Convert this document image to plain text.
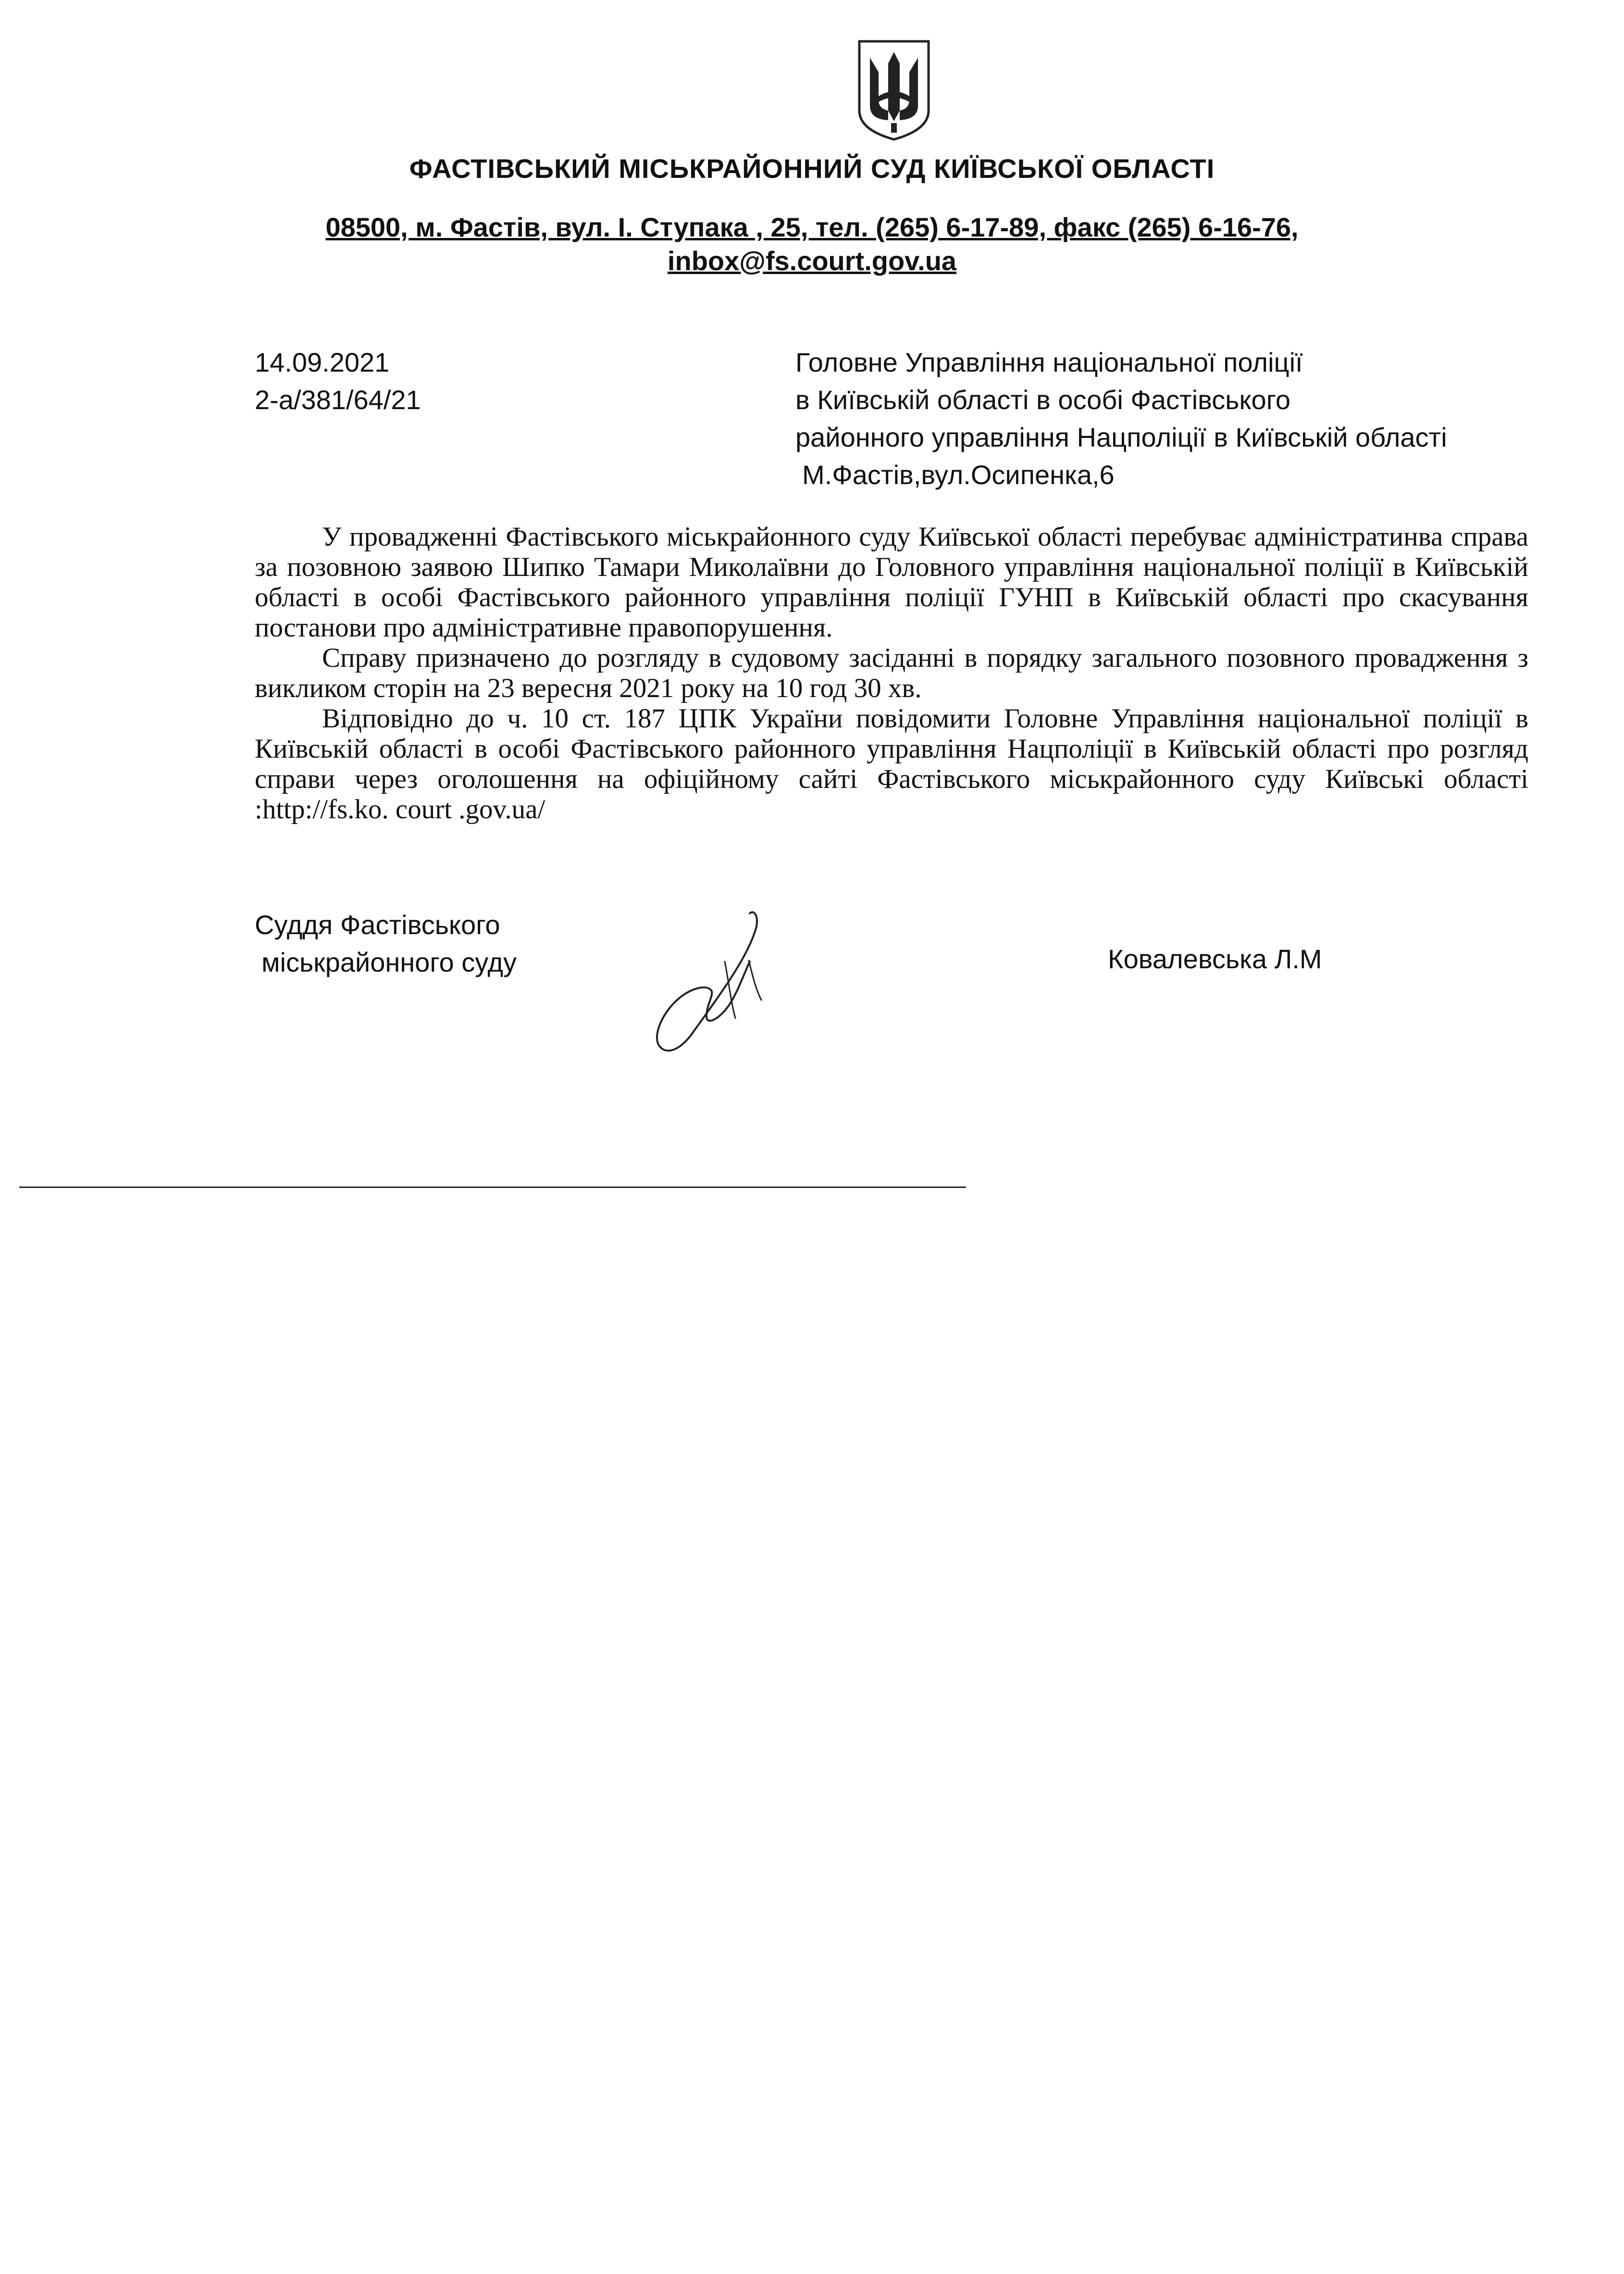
ФАСТІВСЬКИЙ МІСЬКРАЙОННИЙ СУД КИЇВСЬКОЇ ОБЛАСТІ
08500, м. Фастів, вул. І. Ступака , 25, тел. (265) 6-17-89, факс (265) 6-16-76,
inbox@fs.court.gov.ua
14.09.2021
2-а/381/64/21
Головне Управління національної поліції
в Київській області в особі Фастівського
районного управління Нацполіції в Київській області
М.Фастів,вул.Осипенка,6

У провадженні Фастівського міськрайонного суду Київської області перебуває адміністратинва справа за позовною заявою Шипко Тамари Миколаївни до Головного управління національної поліції в Київській області в особі Фастівського районного управління поліції ГУНП в Київській області про скасування постанови про адміністративне правопорушення.

Справу призначено до розгляду в судовому засіданні в порядку загального позовного провадження з викликом сторін на 23 вересня 2021 року на 10 год 30 хв.

Відповідно до ч. 10 ст. 187 ЦПК України повідомити Головне Управління національної поліції в Київській області в особі Фастівського районного управління Нацполіції в Київській області про розгляд справи через оголошення на офіційному сайті Фастівського міськрайонного суду Київські області :http://fs.ko. court .gov.ua/

Суддя Фастівського
міськрайонного суду	Ковалевська Л.М
